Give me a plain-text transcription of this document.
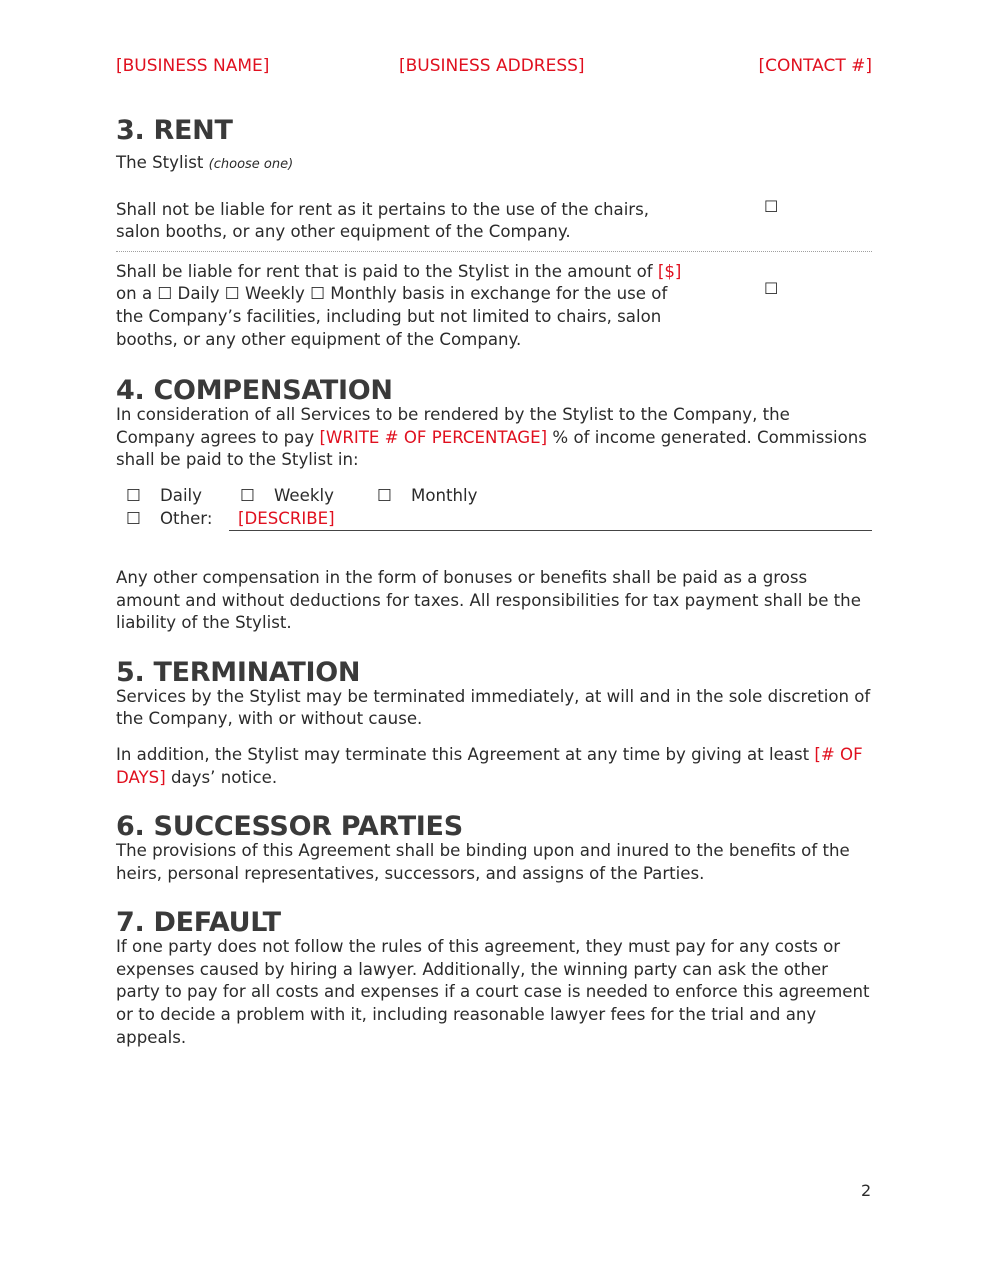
[BUSINESS NAME]	[BUSINESS ADDRESS]	[CONTACT #]
3. RENT

The Stylist (choose one)

Shall not be liable for rent as it pertains to the use of the chairs, salon booths, or any other equipment of the Company.

☐

Shall be liable for rent that is paid to the Stylist in the amount of [$] on a ☐ Daily ☐ Weekly ☐ Monthly basis in exchange for the use of the Company’s facilities, including but not limited to chairs, salon booths, or any other equipment of the Company.

☐
4. COMPENSATION

In consideration of all Services to be rendered by the Stylist to the Company, the Company agrees to pay [WRITE # OF PERCENTAGE] % of income generated. Commissions shall be paid to the Stylist in:

☐ Daily ☐ Weekly	☐ Monthly
☐ Other: [DESCRIBE]

Any other compensation in the form of bonuses or benefits shall be paid as a gross amount and without deductions for taxes. All responsibilities for tax payment shall be the liability of the Stylist.

5. TERMINATION

Services by the Stylist may be terminated immediately, at will and in the sole discretion of the Company, with or without cause.

In addition, the Stylist may terminate this Agreement at any time by giving at least [# OF DAYS] days’ notice.

6. SUCCESSOR PARTIES

The provisions of this Agreement shall be binding upon and inured to the benefits of the heirs, personal representatives, successors, and assigns of the Parties.

7. DEFAULT

If one party does not follow the rules of this agreement, they must pay for any costs or expenses caused by hiring a lawyer. Additionally, the winning party can ask the other party to pay for all costs and expenses if a court case is needed to enforce this agreement or to decide a problem with it, including reasonable lawyer fees for the trial and any appeals.

2
